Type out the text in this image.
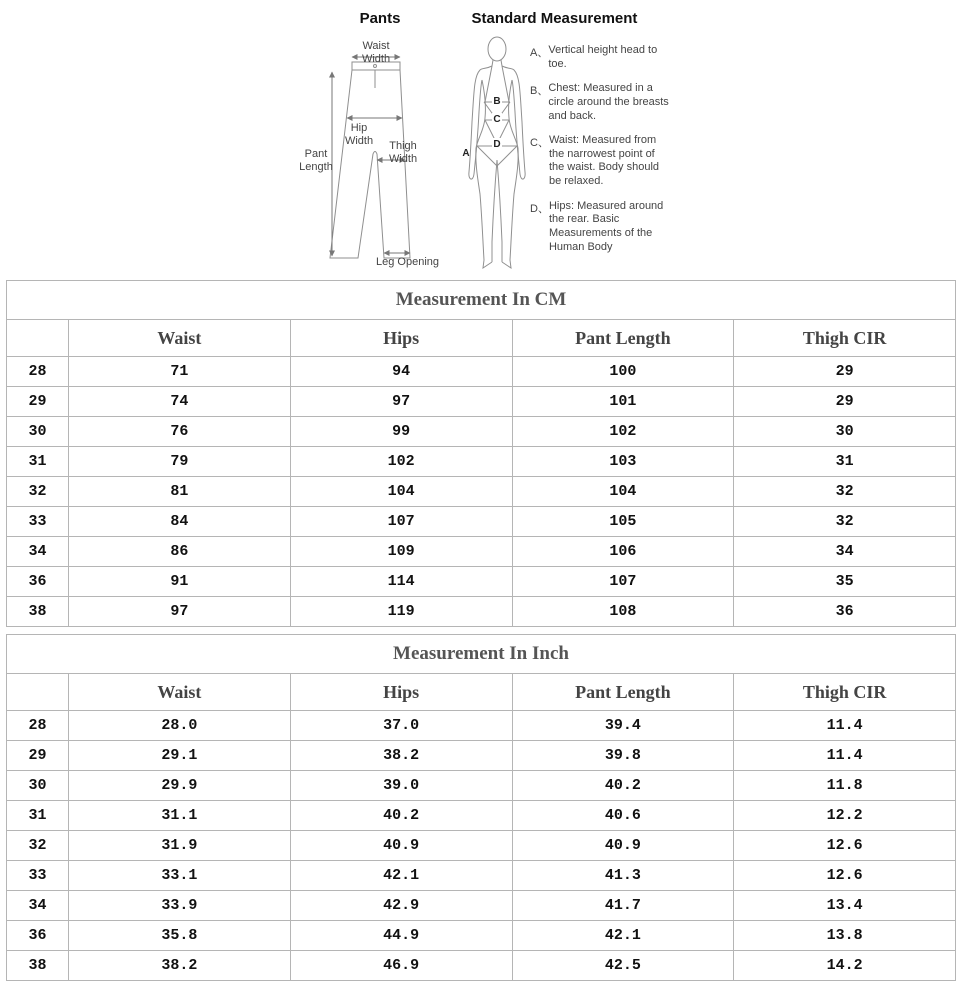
Pants	Standard Measurement
Waist Width
Hip Width	Thigh Width
Pant Length
Leg Opening
A
B
C
D
A、 Vertical height head to toe.
B、 Chest: Measured in a circle around the breasts and back.
C、 Waist: Measured from the narrowest point of the waist. Body should be relaxed.
D、 Hips: Measured around the rear. Basic Measurements of the Human Body
Measurement In CM				
	Waist	Hips	Pant Length	Thigh CIR
28	71	94	100	29
29	74	97	101	29
30	76	99	102	30
31	79	102	103	31
32	81	104	104	32
33	84	107	105	32
34	86	109	106	34
36	91	114	107	35
38	97	119	108	36
Measurement In Inch				
	Waist	Hips	Pant Length	Thigh CIR
28	28.0	37.0	39.4	11.4
29	29.1	38.2	39.8	11.4
30	29.9	39.0	40.2	11.8
31	31.1	40.2	40.6	12.2
32	31.9	40.9	40.9	12.6
33	33.1	42.1	41.3	12.6
34	33.9	42.9	41.7	13.4
36	35.8	44.9	42.1	13.8
38	38.2	46.9	42.5	14.2
